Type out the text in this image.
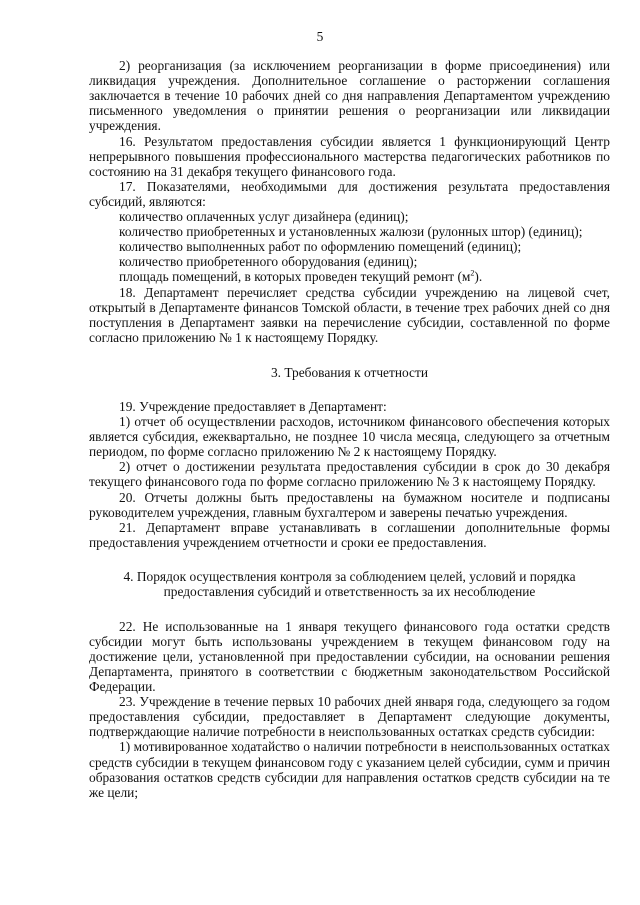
5

2) реорганизация (за исключением реорганизации в форме присоединения) или ликвидация учреждения. Дополнительное соглашение о расторжении соглашения заключается в течение 10 рабочих дней со дня направления Департаментом учреждению письменного уведомления о принятии решения о реорганизации или ликвидации учреждения.

16. Результатом предоставления субсидии является 1 функционирующий Центр непрерывного повышения профессионального мастерства педагогических работников по состоянию на 31 декабря текущего финансового года.

17. Показателями, необходимыми для достижения результата предоставления субсидий, являются:

количество оплаченных услуг дизайнера (единиц);

количество приобретенных и установленных жалюзи (рулонных штор) (единиц);

количество выполненных работ по оформлению помещений (единиц);

количество приобретенного оборудования (единиц);

площадь помещений, в которых проведен текущий ремонт $(м^2)$.

18. Департамент перечисляет средства субсидии учреждению на лицевой счет, открытый в Департаменте финансов Томской области, в течение трех рабочих дней со дня поступления в Департамент заявки на перечисление субсидии, составленной по форме согласно приложению № 1 к настоящему Порядку.

3. Требования к отчетности

19. Учреждение предоставляет в Департамент:

1) отчет об осуществлении расходов, источником финансового обеспечения которых является субсидия, ежеквартально, не позднее 10 числа месяца, следующего за отчетным периодом, по форме согласно приложению № 2 к настоящему Порядку.

2) отчет о достижении результата предоставления субсидии в срок до 30 декабря текущего финансового года по форме согласно приложению № 3 к настоящему Порядку.

20. Отчеты должны быть предоставлены на бумажном носителе и подписаны руководителем учреждения, главным бухгалтером и заверены печатью учреждения.

21. Департамент вправе устанавливать в соглашении дополнительные формы предоставления учреждением отчетности и сроки ее предоставления.

4. Порядок осуществления контроля за соблюдением целей, условий и порядка
предоставления субсидий и ответственность за их несоблюдение

22. Не использованные на 1 января текущего финансового года остатки средств субсидии могут быть использованы учреждением в текущем финансовом году на достижение цели, установленной при предоставлении субсидии, на основании решения Департамента, принятого в соответствии с бюджетным законодательством Российской Федерации.

23. Учреждение в течение первых 10 рабочих дней января года, следующего за годом предоставления субсидии, предоставляет в Департамент следующие документы, подтверждающие наличие потребности в неиспользованных остатках средств субсидии:

1) мотивированное ходатайство о наличии потребности в неиспользованных остатках средств субсидии в текущем финансовом году с указанием целей субсидии, сумм и причин образования остатков средств субсидии для направления остатков средств субсидии на те же цели;
